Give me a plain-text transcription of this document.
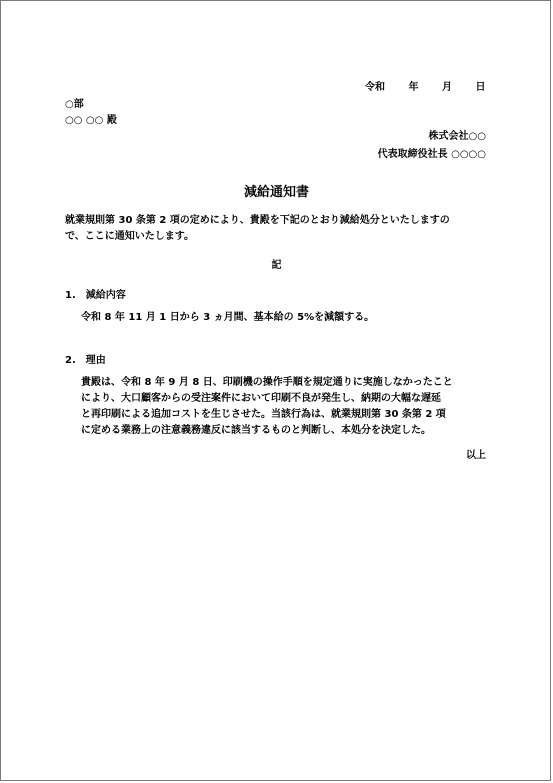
令和 年 月 日
○部
○○ ○○ 殿
株式会社○○
代表取締役社長 ○○○○
減給通知書
就業規則第 30 条第 2 項の定めにより、貴殿を下記のとおり減給処分といたしますの
で、ここに通知いたします。
記
1.　減給内容
令和 8 年 11 月 1 日から 3 ヵ月間、基本給の 5%を減額する。
2.　理由
貴殿は、令和 8 年 9 月 8 日、印刷機の操作手順を規定通りに実施しなかったこと
により、大口顧客からの受注案件において印刷不良が発生し、納期の大幅な遅延
と再印刷による追加コストを生じさせた。当該行為は、就業規則第 30 条第 2 項
に定める業務上の注意義務違反に該当するものと判断し、本処分を決定した。
以上
